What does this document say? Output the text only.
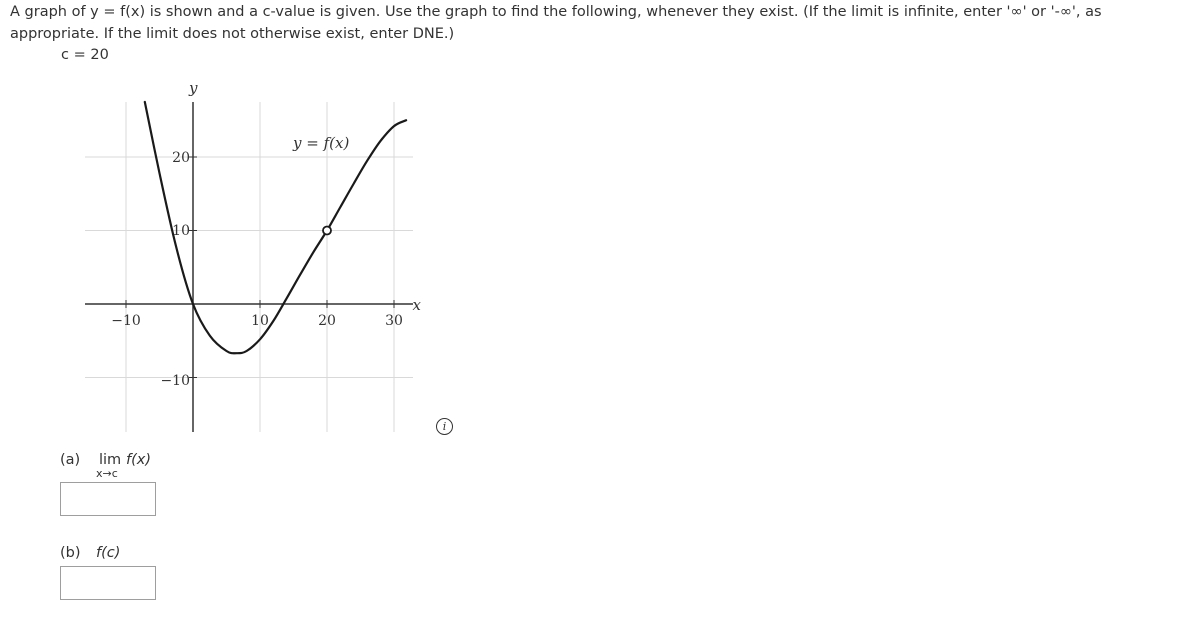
A graph of y = f(x) is shown and a c-value is given. Use the graph to find the following, whenever they exist. (If the limit is infinite, enter '∞' or '-∞', as appropriate. If the limit does not otherwise exist, enter DNE.)
c = 20
y
x
y = f(x)
−10	10	20	30
20
10
−10
i
(a) lim f(x)
x→c
(b) f(c)
